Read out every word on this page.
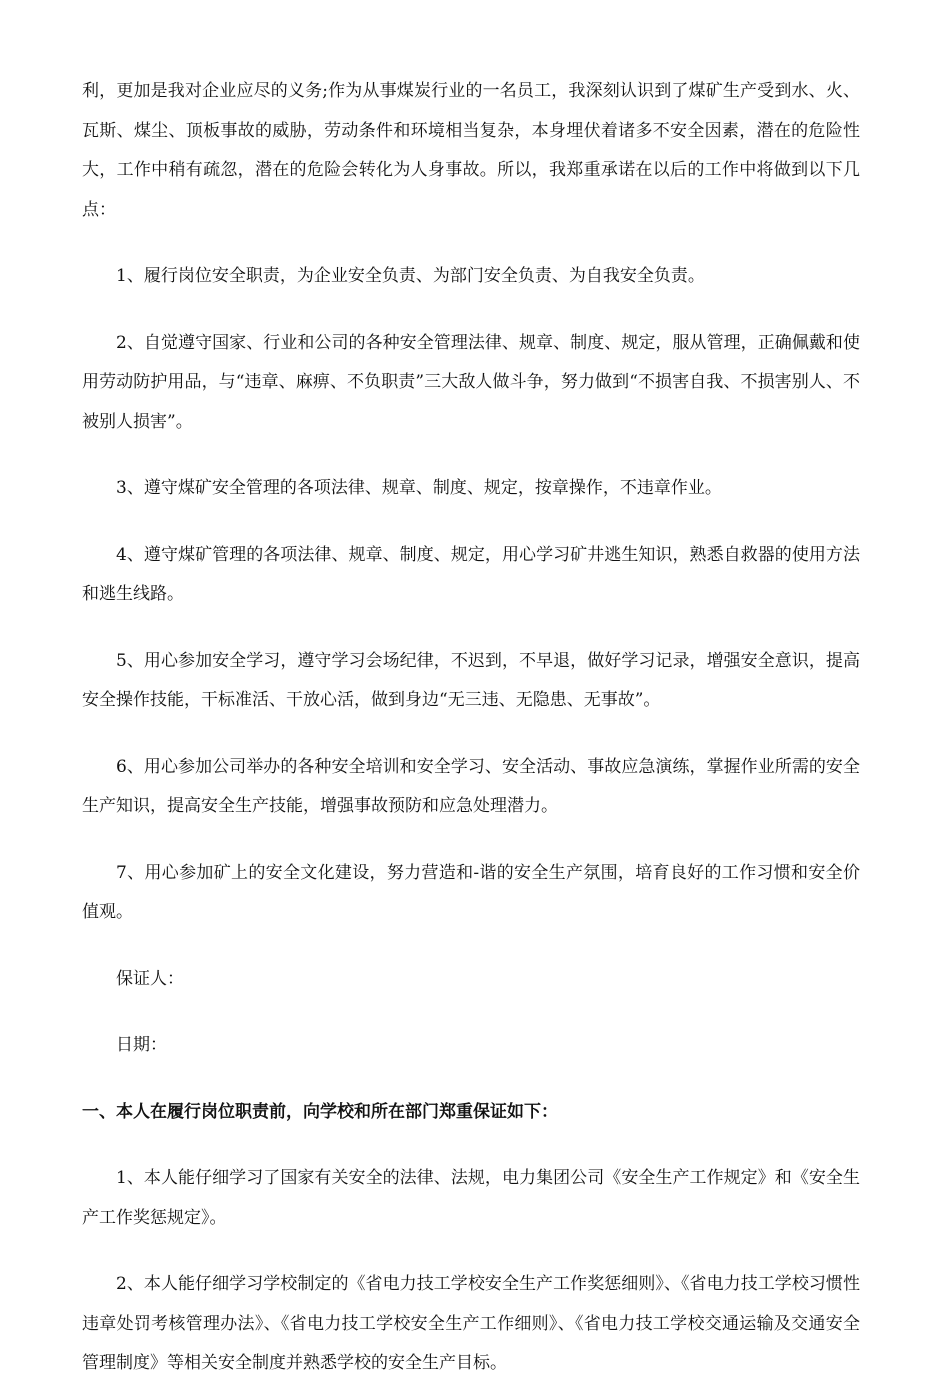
利，更加是我对企业应尽的义务;作为从事煤炭行业的一名员工，我深刻认识到了煤矿生产受到水、火、瓦斯、煤尘、顶板事故的威胁，劳动条件和环境相当复杂，本身埋伏着诸多不安全因素，潜在的危险性大，工作中稍有疏忽，潜在的危险会转化为人身事故。所以，我郑重承诺在以后的工作中将做到以下几点：

1、履行岗位安全职责，为企业安全负责、为部门安全负责、为自我安全负责。

2、自觉遵守国家、行业和公司的各种安全管理法律、规章、制度、规定，服从管理，正确佩戴和使用劳动防护用品，与“违章、麻痹、不负职责”三大敌人做斗争，努力做到“不损害自我、不损害别人、不被别人损害”。

3、遵守煤矿安全管理的各项法律、规章、制度、规定，按章操作，不违章作业。

4、遵守煤矿管理的各项法律、规章、制度、规定，用心学习矿井逃生知识，熟悉自救器的使用方法和逃生线路。

5、用心参加安全学习，遵守学习会场纪律，不迟到，不早退，做好学习记录，增强安全意识，提高安全操作技能，干标准活、干放心活，做到身边“无三违、无隐患、无事故”。

6、用心参加公司举办的各种安全培训和安全学习、安全活动、事故应急演练，掌握作业所需的安全生产知识，提高安全生产技能，增强事故预防和应急处理潜力。

7、用心参加矿上的安全文化建设，努力营造和-谐的安全生产氛围，培育良好的工作习惯和安全价值观。

保证人：

日期：

一、本人在履行岗位职责前，向学校和所在部门郑重保证如下：

1、本人能仔细学习了国家有关安全的法律、法规，电力集团公司《安全生产工作规定》和《安全生产工作奖惩规定》。

2、本人能仔细学习学校制定的《省电力技工学校安全生产工作奖惩细则》、《省电力技工学校习惯性违章处罚考核管理办法》、《省电力技工学校安全生产工作细则》、《省电力技工学校交通运输及交通安全管理制度》等相关安全制度并熟悉学校的安全生产目标。
